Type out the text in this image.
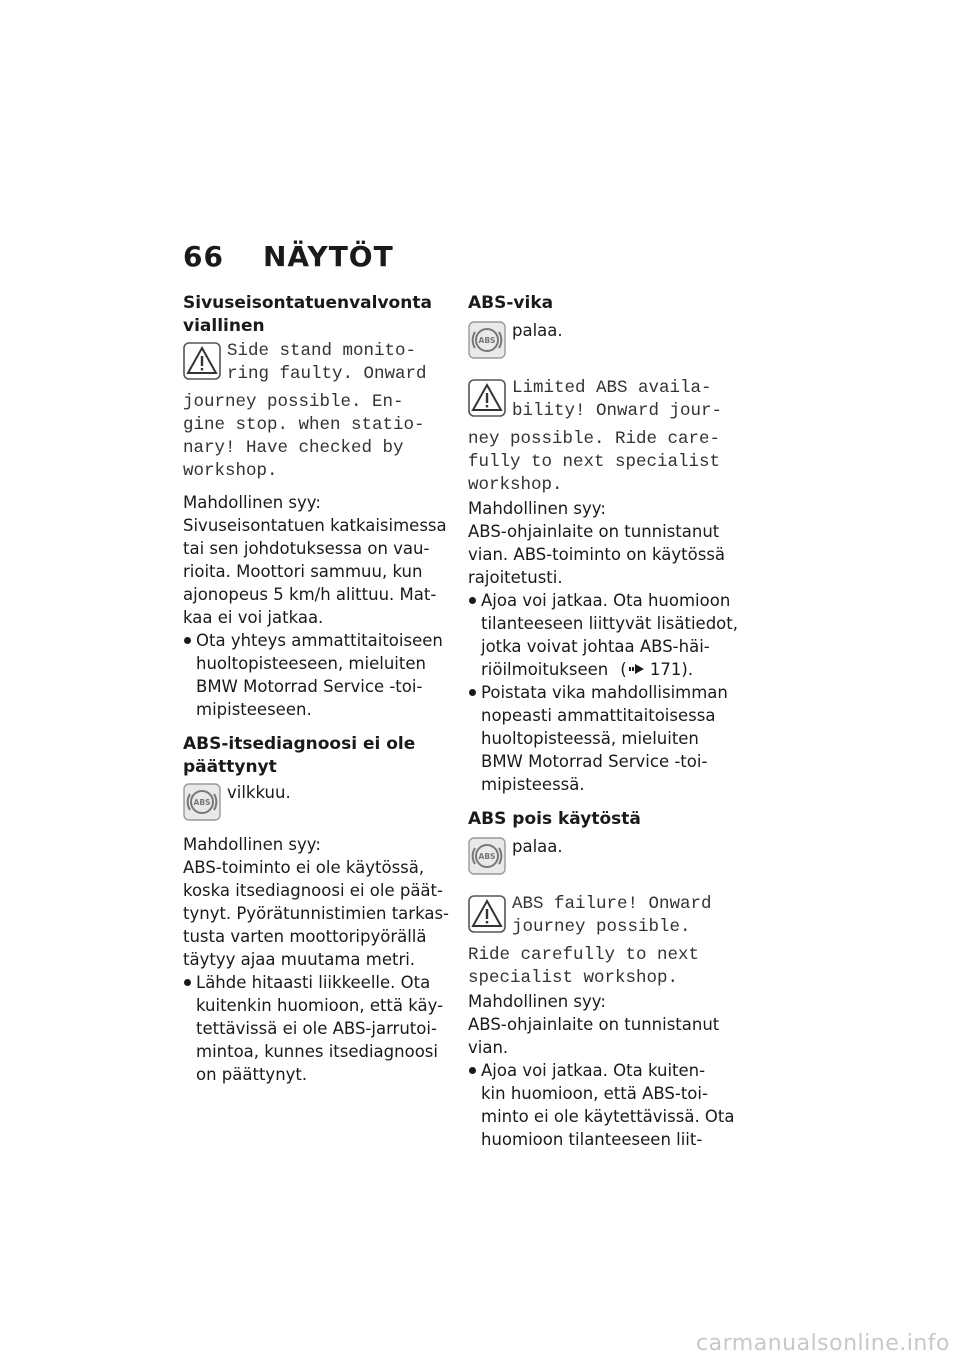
66 NÄYTÖT
Sivuseisontatuenvalvonta
viallinen

Side stand monito-
ring faulty. Onward

journey possible. En-
gine stop. when statio-
nary! Have checked by
workshop.

Mahdollinen syy:

Sivuseisontatuen katkaisimessa
tai sen johdotuksessa on vau-
rioita. Moottori sammuu, kun
ajonopeus 5 km/h alittuu. Mat-
kaa ei voi jatkaa.

Ota yhteys ammattitaitoiseen
huoltopisteeseen, mieluiten
BMW Motorrad Service -toi-
mipisteeseen.
ABS-itsediagnoosi ei ole
päättynyt
ABS

vilkkuu.

Mahdollinen syy:

ABS-toiminto ei ole käytössä,
koska itsediagnoosi ei ole päät-
tynyt. Pyörätunnistimien tarkas-
tusta varten moottoripyörällä
täytyy ajaa muutama metri.

Lähde hitaasti liikkeelle. Ota
kuitenkin huomioon, että käy-
tettävissä ei ole ABS-jarrutoi-
mintoa, kunnes itsediagnoosi
on päättynyt.
ABS-vika
ABS

palaa.

Limited ABS availa-
bility! Onward jour-

ney possible. Ride care-
fully to next specialist
workshop.

Mahdollinen syy:

ABS-ohjainlaite on tunnistanut
vian. ABS-toiminto on käytössä
rajoitetusti.

Ajoa voi jatkaa. Ota huomioon
tilanteeseen liittyvät lisätiedot,
jotka voivat johtaa ABS-häi-
riöilmoitukseen ( 171).
Poistata vika mahdollisimman
nopeasti ammattitaitoisessa
huoltopisteessä, mieluiten
BMW Motorrad Service -toi-
mipisteessä.
ABS pois käytöstä
ABS

palaa.

ABS failure! Onward
journey possible.

Ride carefully to next
specialist workshop.

Mahdollinen syy:

ABS-ohjainlaite on tunnistanut
vian.

Ajoa voi jatkaa. Ota kuiten-
kin huomioon, että ABS-toi-
minto ei ole käytettävissä. Ota
huomioon tilanteeseen liit-
carmanualsonline.info
